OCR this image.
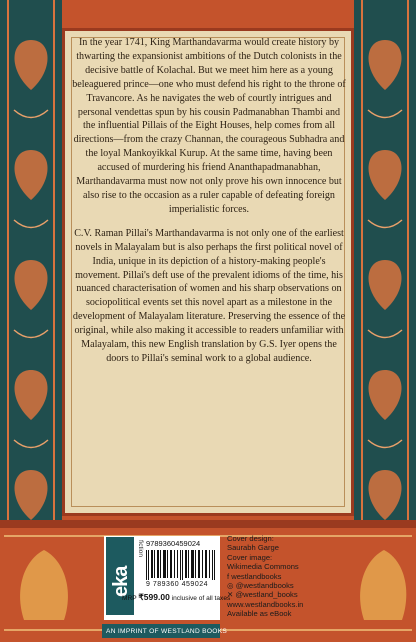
In the year 1741, King Marthandavarma would create history by thwarting the expansionist ambitions of the Dutch colonists in the decisive battle of Kolachal. But we meet him here as a young beleaguered prince—one who must defend his right to the throne of Travancore. As he navigates the web of courtly intrigues and personal vendettas spun by his cousin Padmanabhan Thambi and the influential Pillais of the Eight Houses, help comes from all directions—from the crazy Channan, the courageous Subhadra and the loyal Mankoyikkal Kurup. At the same time, having been accused of murdering his friend Ananthapadmanabhan, Marthandavarma must now not only prove his own innocence but also rise to the occasion as a ruler capable of defeating foreign imperialistic forces.

C.V. Raman Pillai's Marthandavarma is not only one of the earliest novels in Malayalam but is also perhaps the first political novel of India, unique in its depiction of a history-making people's movement. Pillai's deft use of the prevalent idioms of the time, his nuanced characterisation of women and his sharp observations on sociopolitical events set this novel apart as a milestone in the development of Malayalam literature. Preserving the essence of the original, while also making it accessible to readers unfamiliar with Malayalam, this new English translation by G.S. Iyer opens the doors to Pillai's seminal work to a global audience.

eka
fiction 9789360459024
9 789360 459024
MRP ₹599.00 inclusive of all taxes
Cover design:
Saurabh Garge
Cover image:
Wikimedia Commons
f westlandbooks
◎ @westlandbooks
✕ @westland_books
www.westlandbooks.in
Available as eBook
AN IMPRINT OF WESTLAND BOOKS
